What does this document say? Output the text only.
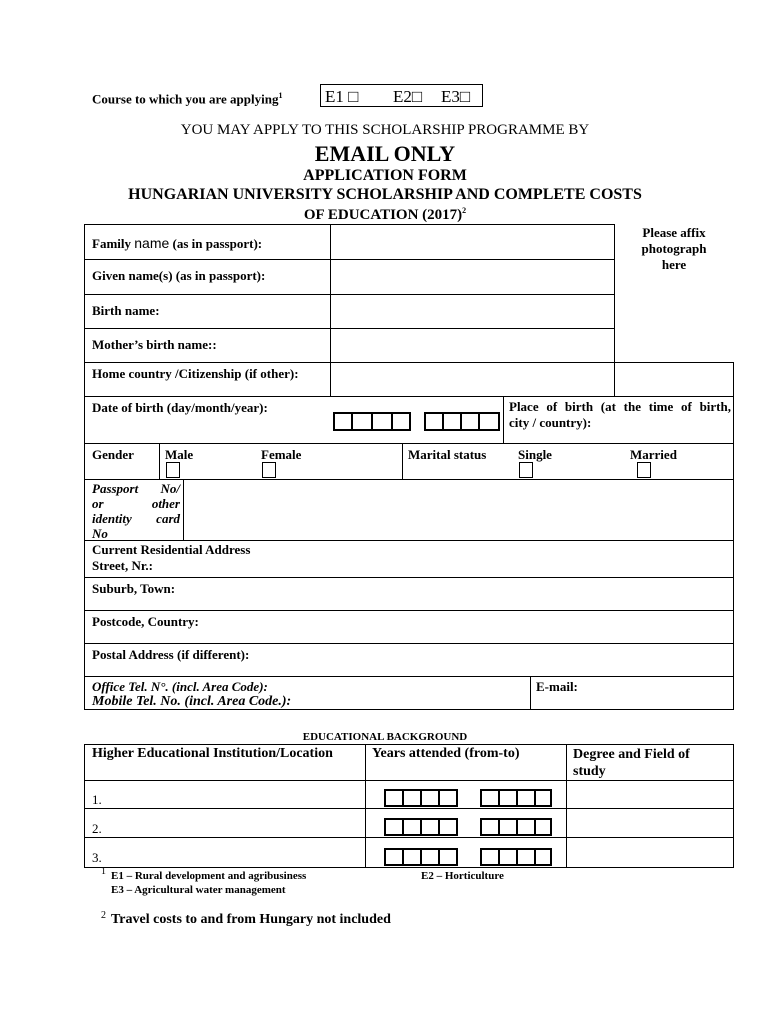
Course to which you are applying$^1$	E1 □ E2□ E3□
YOU MAY APPLY TO THIS SCHOLARSHIP PROGRAMME BY
EMAIL ONLY
APPLICATION FORM
HUNGARIAN UNIVERSITY SCHOLARSHIP AND COMPLETE COSTS
OF EDUCATION $(2017)^2$
Please affix
photograph
here
Family name (as in passport):
Given name(s) (as in passport):
Birth name:
Mother’s birth name::
Home country /Citizenship (if other):
Date of birth (day/month/year):	Place of birth (at the time of birth,
city / country):
Gender Male	Female	Marital status Single	Married
Passport No/
or other
identity card
No
Current Residential Address
Street, Nr.:
Suburb, Town:
Postcode, Country:
Postal Address (if different):
Office Tel. N°. (incl. Area Code):
Mobile Tel. No. (incl. Area Code.):
E-mail:
EDUCATIONAL BACKGROUND
Higher Educational Institution/Location	Years attended (from-to)	Degree and Field of
study
1.
2.
3.
1 E1 – Rural development and agribusiness	E2 – Horticulture
E3 – Agricultural water management
2 Travel costs to and from Hungary not included
